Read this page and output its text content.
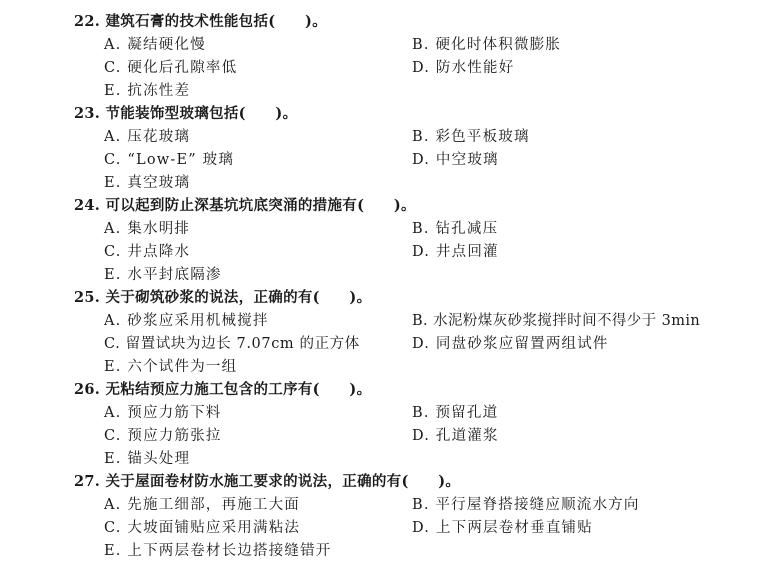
22. 建筑石膏的技术性能包括(　　)。
A. 凝结硬化慢	B. 硬化时体积微膨胀
C. 硬化后孔隙率低	D. 防水性能好
E. 抗冻性差
23. 节能装饰型玻璃包括(　　)。
A. 压花玻璃	B. 彩色平板玻璃
C. “Low-E” 玻璃	D. 中空玻璃
E. 真空玻璃
24. 可以起到防止深基坑坑底突涌的措施有(　　)。
A. 集水明排	B. 钻孔减压
C. 井点降水	D. 井点回灌
E. 水平封底隔渗
25. 关于砌筑砂浆的说法，正确的有(　　)。
A. 砂浆应采用机械搅拌	B. 水泥粉煤灰砂浆搅拌时间不得少于 3min
C. 留置试块为边长 7.07cm 的正方体	D. 同盘砂浆应留置两组试件
E. 六个试件为一组
26. 无粘结预应力施工包含的工序有(　　)。
A. 预应力筋下料	B. 预留孔道
C. 预应力筋张拉	D. 孔道灌浆
E. 锚头处理
27. 关于屋面卷材防水施工要求的说法，正确的有(　　)。
A. 先施工细部，再施工大面	B. 平行屋脊搭接缝应顺流水方向
C. 大坡面铺贴应采用满粘法	D. 上下两层卷材垂直铺贴
E. 上下两层卷材长边搭接缝错开
